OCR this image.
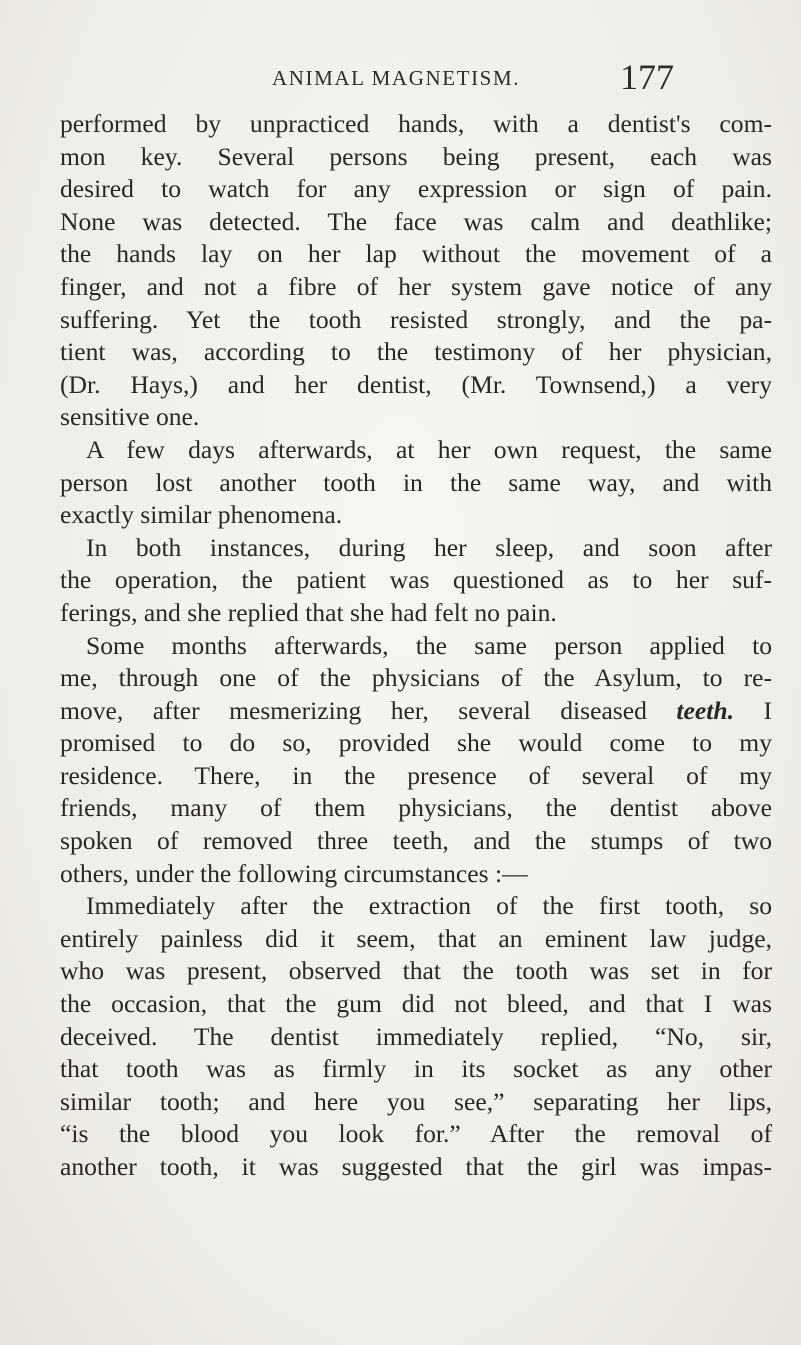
ANIMAL MAGNETISM.	177
performed by unpracticed hands, with a dentist's com-
mon key. Several persons being present, each was
desired to watch for any expression or sign of pain.
None was detected. The face was calm and deathlike;
the hands lay on her lap without the movement of a
finger, and not a fibre of her system gave notice of any
suffering. Yet the tooth resisted strongly, and the pa-
tient was, according to the testimony of her physician,
(Dr. Hays,) and her dentist, (Mr. Townsend,) a very
sensitive one.
A few days afterwards, at her own request, the same
person lost another tooth in the same way, and with
exactly similar phenomena.
In both instances, during her sleep, and soon after
the operation, the patient was questioned as to her suf-
ferings, and she replied that she had felt no pain.
Some months afterwards, the same person applied to
me, through one of the physicians of the Asylum, to re-
move, after mesmerizing her, several diseased teeth. I
promised to do so, provided she would come to my
residence. There, in the presence of several of my
friends, many of them physicians, the dentist above
spoken of removed three teeth, and the stumps of two
others, under the following circumstances :—
Immediately after the extraction of the first tooth, so
entirely painless did it seem, that an eminent law judge,
who was present, observed that the tooth was set in for
the occasion, that the gum did not bleed, and that I was
deceived. The dentist immediately replied, “No, sir,
that tooth was as firmly in its socket as any other
similar tooth; and here you see,” separating her lips,
“is the blood you look for.” After the removal of
another tooth, it was suggested that the girl was impas-
